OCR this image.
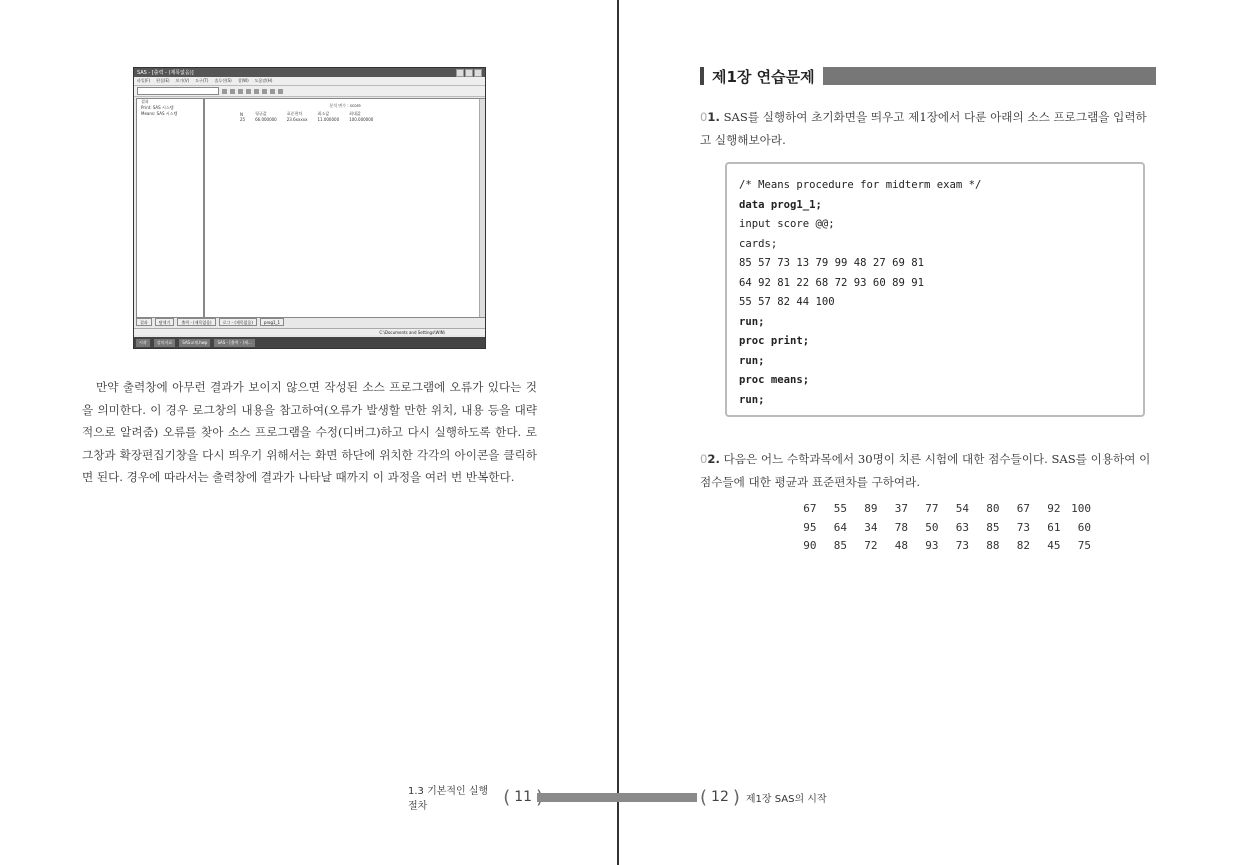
SAS - [출력 - (제목없음)]
파일(F) 편집(E) 보기(V) 도구(T) 솔루션(S) 창(W) 도움말(H)
결과
Print: SAS 시스템
Means: SAS 시스템
분석 변수 : score
N	평균값	표준편차	최소값	최대값
25	66.000000	23.6xxxxx	11.000000	100.000000
결과	탐색기	출력 - (제목없음)	로그 - (제목없음)	prog1_1
C:\Documents and Settings\WIN\
시작	강의자료	SAS교재.hwp	SAS - [출력 - (제...
만약 출력창에 아무런 결과가 보이지 않으면 작성된 소스 프로그램에 오류가 있다는 것을 의미한다. 이 경우 로그창의 내용을 참고하여(오류가 발생할 만한 위치, 내용 등을 대략적으로 알려줌) 오류를 찾아 소스 프로그램을 수정(디버그)하고 다시 실행하도록 한다. 로그창과 확장편집기창을 다시 띄우기 위해서는 화면 하단에 위치한 각각의 아이콘을 클릭하면 된다. 경우에 따라서는 출력창에 결과가 나타날 때까지 이 과정을 여러 번 반복한다.
1.3 기본적인 실행절차	( 11
제1장 연습문제
01. SAS를 실행하여 초기화면을 띄우고 제1장에서 다룬 아래의 소스 프로그램을 입력하고 실행해보아라.
/* Means procedure for midterm exam */
data prog1_1;
input score @@;
cards;
85 57 73 13 79 99 48 27 69 81
64 92 81 22 68 72 93 60 89 91
55 57 82 44 100
run;
proc print;
run;
proc means;
run;
02. 다음은 어느 수학과목에서 30명이 치른 시험에 대한 점수들이다. SAS를 이용하여 이 점수들에 대한 평균과 표준편차를 구하여라.
67	55	89	37	77	54	80	67	92 100
95	64	34	78	50	63	85	73	61	60
90	85	72	48	93	73	88	82	45	75
( 12 ) 제1장 SAS의 시작
